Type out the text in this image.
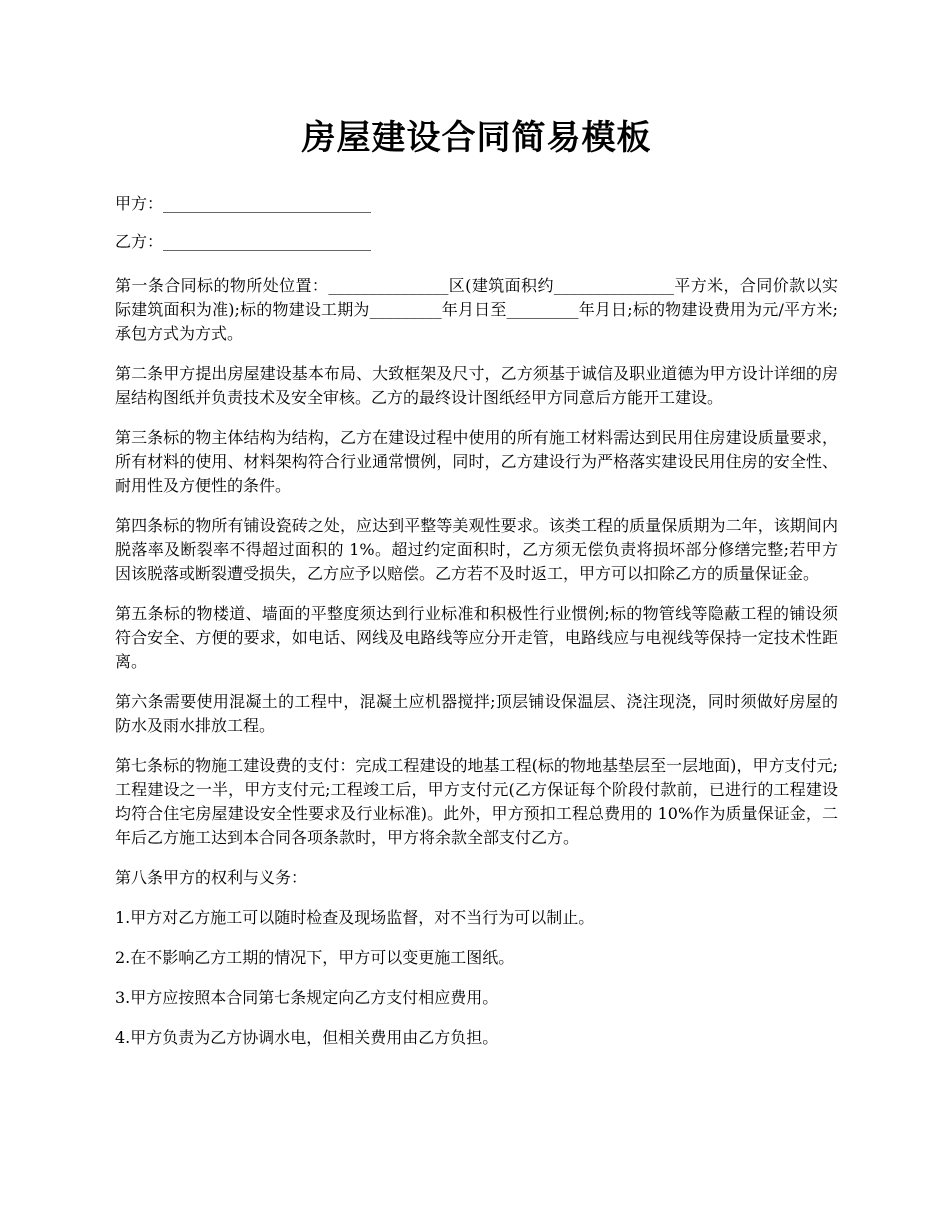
房屋建设合同简易模板
甲方：__________________________
乙方：__________________________

第一条合同标的物所处位置：_______________区(建筑面积约_______________平方米，合同价款以实际建筑面积为准);标的物建设工期为_________年月日至_________年月日;标的物建设费用为元/平方米;承包方式为方式。

第二条甲方提出房屋建设基本布局、大致框架及尺寸，乙方须基于诚信及职业道德为甲方设计详细的房屋结构图纸并负责技术及安全审核。乙方的最终设计图纸经甲方同意后方能开工建设。

第三条标的物主体结构为结构，乙方在建设过程中使用的所有施工材料需达到民用住房建设质量要求，所有材料的使用、材料架构符合行业通常惯例，同时，乙方建设行为严格落实建设民用住房的安全性、耐用性及方便性的条件。

第四条标的物所有铺设瓷砖之处，应达到平整等美观性要求。该类工程的质量保质期为二年，该期间内脱落率及断裂率不得超过面积的 1%。超过约定面积时，乙方须无偿负责将损坏部分修缮完整;若甲方因该脱落或断裂遭受损失，乙方应予以赔偿。乙方若不及时返工，甲方可以扣除乙方的质量保证金。

第五条标的物楼道、墙面的平整度须达到行业标准和积极性行业惯例;标的物管线等隐蔽工程的铺设须符合安全、方便的要求，如电话、网线及电路线等应分开走管，电路线应与电视线等保持一定技术性距离。

第六条需要使用混凝土的工程中，混凝土应机器搅拌;顶层铺设保温层、浇注现浇，同时须做好房屋的防水及雨水排放工程。

第七条标的物施工建设费的支付：完成工程建设的地基工程(标的物地基垫层至一层地面)，甲方支付元;工程建设之一半，甲方支付元;工程竣工后，甲方支付元(乙方保证每个阶段付款前，已进行的工程建设均符合住宅房屋建设安全性要求及行业标准)。此外，甲方预扣工程总费用的 10%作为质量保证金，二年后乙方施工达到本合同各项条款时，甲方将余款全部支付乙方。

第八条甲方的权利与义务：

1.甲方对乙方施工可以随时检查及现场监督，对不当行为可以制止。

2.在不影响乙方工期的情况下，甲方可以变更施工图纸。

3.甲方应按照本合同第七条规定向乙方支付相应费用。

4.甲方负责为乙方协调水电，但相关费用由乙方负担。
